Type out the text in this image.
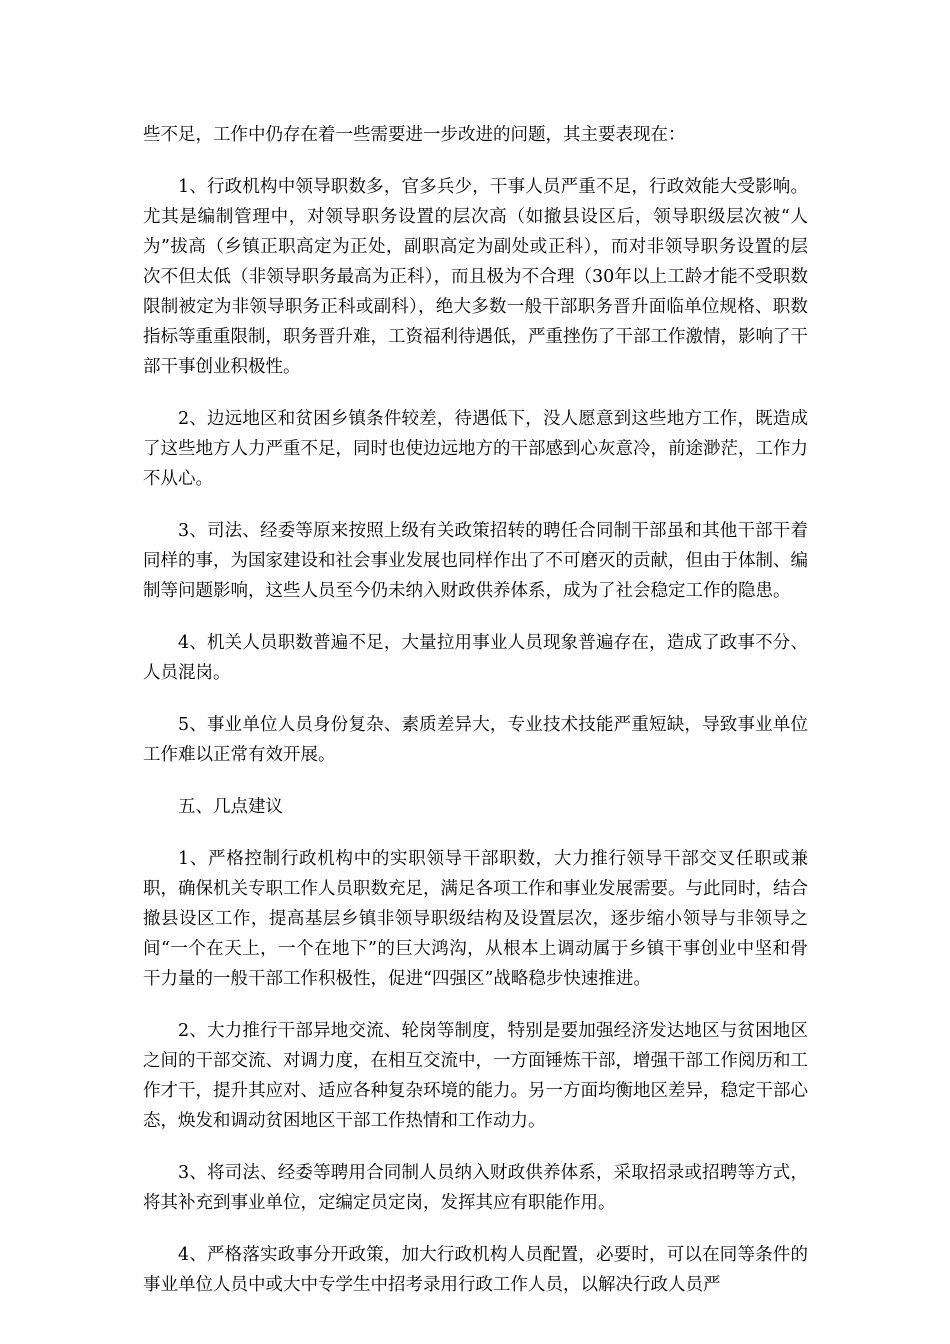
些不足，工作中仍存在着一些需要进一步改进的问题，其主要表现在：

1、行政机构中领导职数多，官多兵少，干事人员严重不足，行政效能大受影响。尤其是编制管理中，对领导职务设置的层次高（如撤县设区后，领导职级层次被“人为”拔高（乡镇正职高定为正处，副职高定为副处或正科），而对非领导职务设置的层次不但太低（非领导职务最高为正科），而且极为不合理（30年以上工龄才能不受职数限制被定为非领导职务正科或副科），绝大多数一般干部职务晋升面临单位规格、职数指标等重重限制，职务晋升难，工资福利待遇低，严重挫伤了干部工作激情，影响了干部干事创业积极性。

2、边远地区和贫困乡镇条件较差，待遇低下，没人愿意到这些地方工作，既造成了这些地方人力严重不足，同时也使边远地方的干部感到心灰意冷，前途渺茫，工作力不从心。

3、司法、经委等原来按照上级有关政策招转的聘任合同制干部虽和其他干部干着同样的事，为国家建设和社会事业发展也同样作出了不可磨灭的贡献，但由于体制、编制等问题影响，这些人员至今仍未纳入财政供养体系，成为了社会稳定工作的隐患。

4、机关人员职数普遍不足，大量拉用事业人员现象普遍存在，造成了政事不分、人员混岗。

5、事业单位人员身份复杂、素质差异大，专业技术技能严重短缺，导致事业单位工作难以正常有效开展。

五、几点建议

1、严格控制行政机构中的实职领导干部职数，大力推行领导干部交叉任职或兼职，确保机关专职工作人员职数充足，满足各项工作和事业发展需要。与此同时，结合撤县设区工作，提高基层乡镇非领导职级结构及设置层次，逐步缩小领导与非领导之间“一个在天上，一个在地下”的巨大鸿沟，从根本上调动属于乡镇干事创业中坚和骨干力量的一般干部工作积极性，促进“四强区”战略稳步快速推进。

2、大力推行干部异地交流、轮岗等制度，特别是要加强经济发达地区与贫困地区之间的干部交流、对调力度，在相互交流中，一方面锤炼干部，增强干部工作阅历和工作才干，提升其应对、适应各种复杂环境的能力。另一方面均衡地区差异，稳定干部心态，焕发和调动贫困地区干部工作热情和工作动力。

3、将司法、经委等聘用合同制人员纳入财政供养体系，采取招录或招聘等方式，将其补充到事业单位，定编定员定岗，发挥其应有职能作用。

4、严格落实政事分开政策，加大行政机构人员配置，必要时，可以在同等条件的事业单位人员中或大中专学生中招考录用行政工作人员，以解决行政人员严
